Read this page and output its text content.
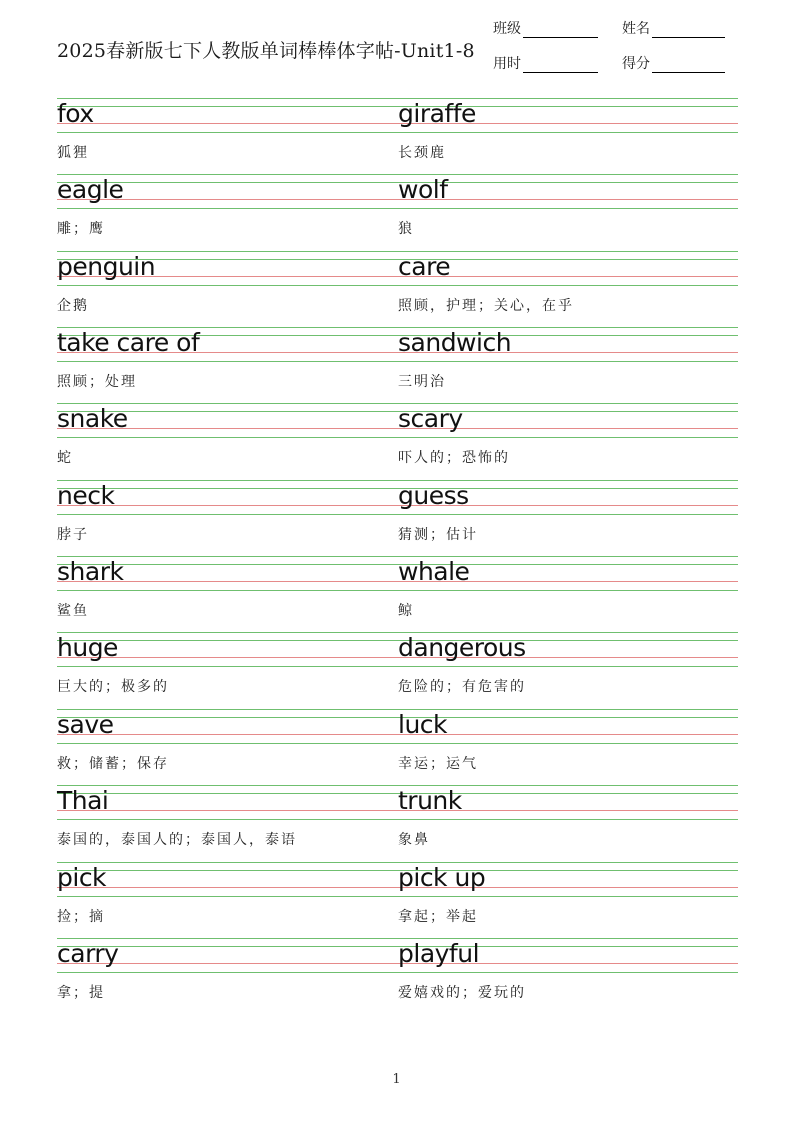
2025春新版七下人教版单词棒棒体字帖-Unit1-8
班级	姓名
用时	得分
fox	giraffe
狐狸	长颈鹿
eagle	wolf
雕；鹰	狼
penguin	care
企鹅	照顾，护理；关心，在乎
take care of	sandwich
照顾；处理	三明治
snake	scary
蛇	吓人的；恐怖的
neck	guess
脖子	猜测；估计
shark	whale
鲨鱼	鲸
huge	dangerous
巨大的；极多的	危险的；有危害的
save	luck
救；储蓄；保存	幸运；运气
Thai	trunk
泰国的，泰国人的；泰国人，泰语	象鼻
pick	pick up
捡；摘	拿起；举起
carry	playful
拿；提	爱嬉戏的；爱玩的
1
